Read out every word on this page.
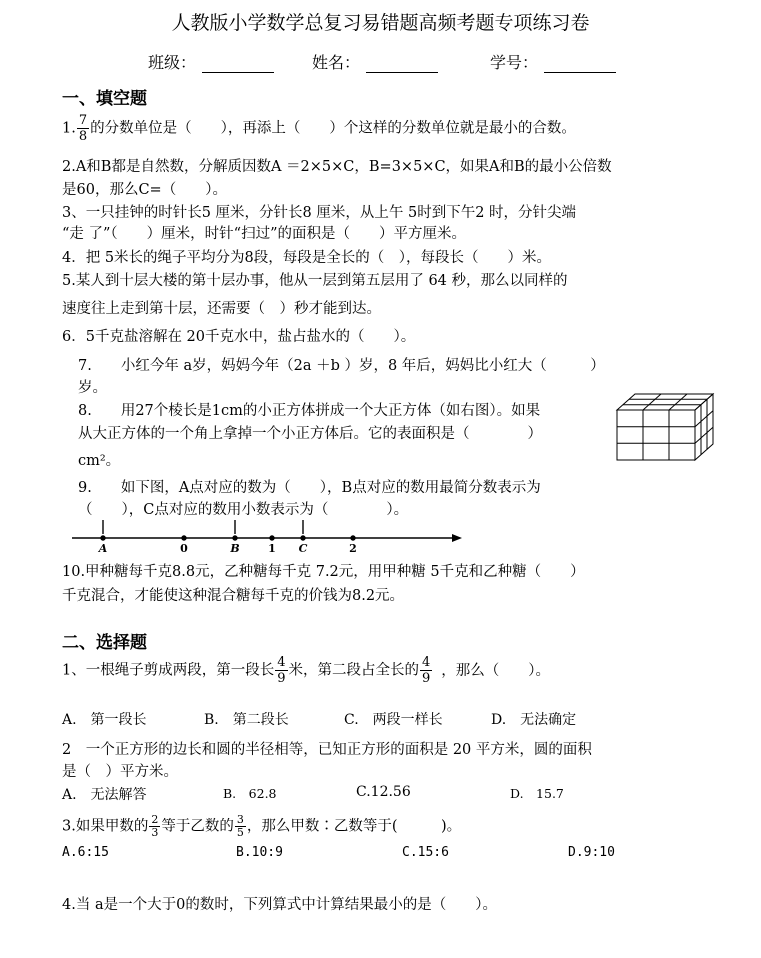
人教版小学数学总复习易错题高频考题专项练习卷
班级：	姓名：	学号：
一、填空题
1. $\frac{7}{8}$ 的分数单位是（　　），再添上（　　）个这样的分数单位就是最小的合数。
2.A和B都是自然数，分解质因数A ＝2×5×C，B=3×5×C，如果A和B的最小公倍数
是60，那么C=（　　）。
3、一只挂钟的时针长5 厘米，分针长8 厘米，从上午 5时到下午2 时，分针尖端
“走 了”（　　）厘米，时针“扫过”的面积是（　　）平方厘米。
4．把 5米长的绳子平均分为8段，每段是全长的（　），每段长（　　）米。
5.某人到十层大楼的第十层办事，他从一层到第五层用了 64 秒，那么以同样的
速度往上走到第十层，还需要（　）秒才能到达。
6．5千克盐溶解在 20千克水中，盐占盐水的（　　）。
7.　　小红今年 a岁，妈妈今年（2a ＋b ）岁，8 年后，妈妈比小红大（　　　）
岁。
8.　　用27个棱长是1cm的小正方体拼成一个大正方体（如右图）。如果
从大正方体的一个角上拿掉一个小正方体后。它的表面积是（　　　　）
cm²。
9.　　如下图，A点对应的数为（　　），B点对应的数用最简分数表示为
（　　），C点对应的数用小数表示为（　　　　）。
A	0	B	1 C	2
10.甲种糖每千克8.8元，乙种糖每千克 7.2元，用甲种糖 5千克和乙种糖（　　）
千克混合，才能使这种混合糖每千克的价钱为8.2元。
二、选择题
1、一根绳子剪成两段，第一段长 $\frac{4}{9}$ 米，第二段占全长的 $\frac{4}{9}$ ，那么（　　）。
A.　第一段长	B.　第二段长	C.　两段一样长	D.　无法确定
2　一个正方形的边长和圆的半径相等，已知正方形的面积是 20 平方米，圆的面积
是（　）平方米。
A.　无法解答	B.　62.8	C.12.56	D.　15.7
3.如果甲数的 $\frac{2}{3}$ 等于乙数的 $\frac{3}{5}$ ，那么甲数∶乙数等于(　　　)。
A.6:15	B.10:9	C.15:6	D.9:10
4.当 a是一个大于0的数时，下列算式中计算结果最小的是（　　）。
